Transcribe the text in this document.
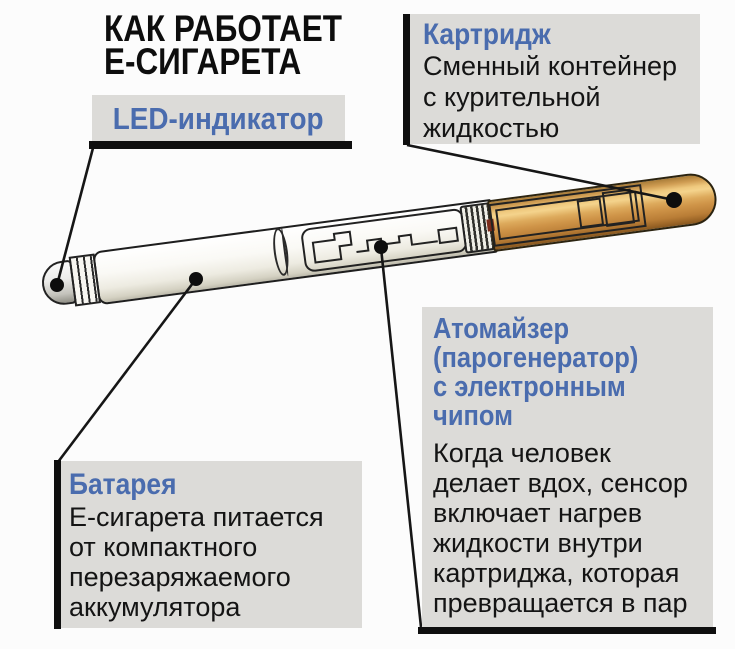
КАК РАБОТАЕТ
Е-СИГАРЕТА
LED-индикатор
Картридж
Сменный контейнер
с курительной
жидкостью
Батарея
Е-сигарета питается
от компактного
перезаряжаемого
аккумулятора
Атомайзер
(парогенератор)
с электронным
чипом
Когда человек
делает вдох, сенсор
включает нагрев
жидкости внутри
картриджа, которая
превращается в пар
